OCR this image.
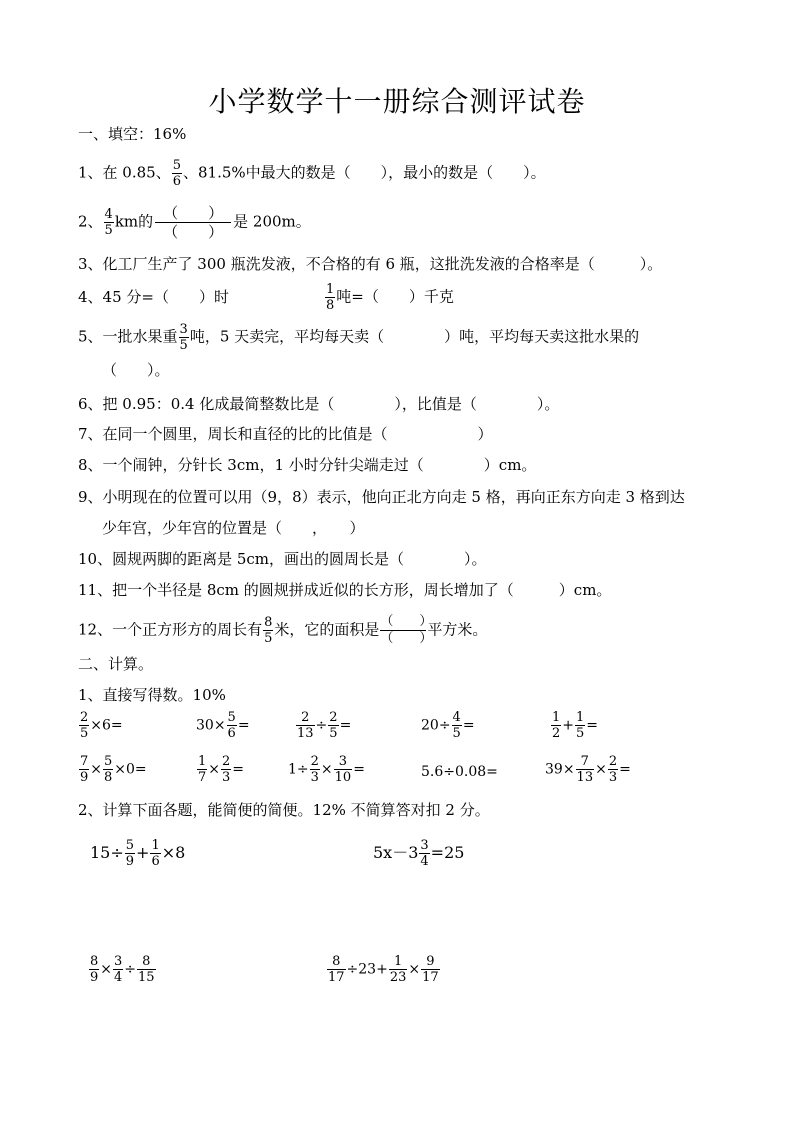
小学数学十一册综合测评试卷
一、填空：16%
1、在 0.85、 $\frac{5}{6}$ 、81.5%中最大的数是（　　），最小的数是（　　）。
2、 $\frac{4}{5}$ km的 （　　）
（　　）
是 200m。
3、化工厂生产了 300 瓶洗发液，不合格的有 6 瓶，这批洗发液的合格率是（　　　）。
4、45 分=（　　）时	$\frac{1}{8}$ 吨=（　　）千克
5、一批水果重 $\frac{3}{5}$ 吨，5 天卖完，平均每天卖（　　　　）吨，平均每天卖这批水果的
（　　）。
6、把 0.95：0.4 化成最简整数比是（　　　　），比值是（　　　　）。
7、在同一个圆里，周长和直径的比的比值是（　　　　　　）
8、一个闹钟，分针长 3cm，1 小时分针尖端走过（　　　　）cm。
9、小明现在的位置可以用（9，8）表示，他向正北方向走 5 格，再向正东方向走 3 格到达
少年宫，少年宫的位置是（　　，　　）
10、圆规两脚的距离是 5cm，画出的圆周长是（　　　　）。
11、把一个半径是 8cm 的圆规拼成近似的长方形，周长增加了（　　　）cm。
12、一个正方形方的周长有 $\frac{8}{5}$ 米，它的面积是 （　　）
（　　）
平方米。
二、计算。
1、直接写得数。10%
$\frac{2}{5} \times 6=$	$30\times \frac{5}{6}$ =	$\frac{2}{13} \div \frac{2}{5}$ =	$20\div \frac{4}{5}$ =	$\frac{1}{2} + \frac{1}{5}$ =
$\frac{7}{9} \times \frac{5}{8} \times 0=$	$\frac{1}{7} \times \frac{2}{3}$ =	$1\div \frac{2}{3} \times \frac{3}{10}$ =	5.6÷0.08=	$39\times \frac{7}{13} \times \frac{2}{3}$ =
2、计算下面各题，能简便的简便。12% 不简算答对扣 2 分。
$15\div \frac{5}{9} + \frac{1}{6} \times 8$	$5x-3 \frac{3}{4} =25$
$\frac{8}{9} \times \frac{3}{4} \div \frac{8}{15}$	$\frac{8}{17} \div 23+ \frac{1}{23} \times \frac{9}{17}$
